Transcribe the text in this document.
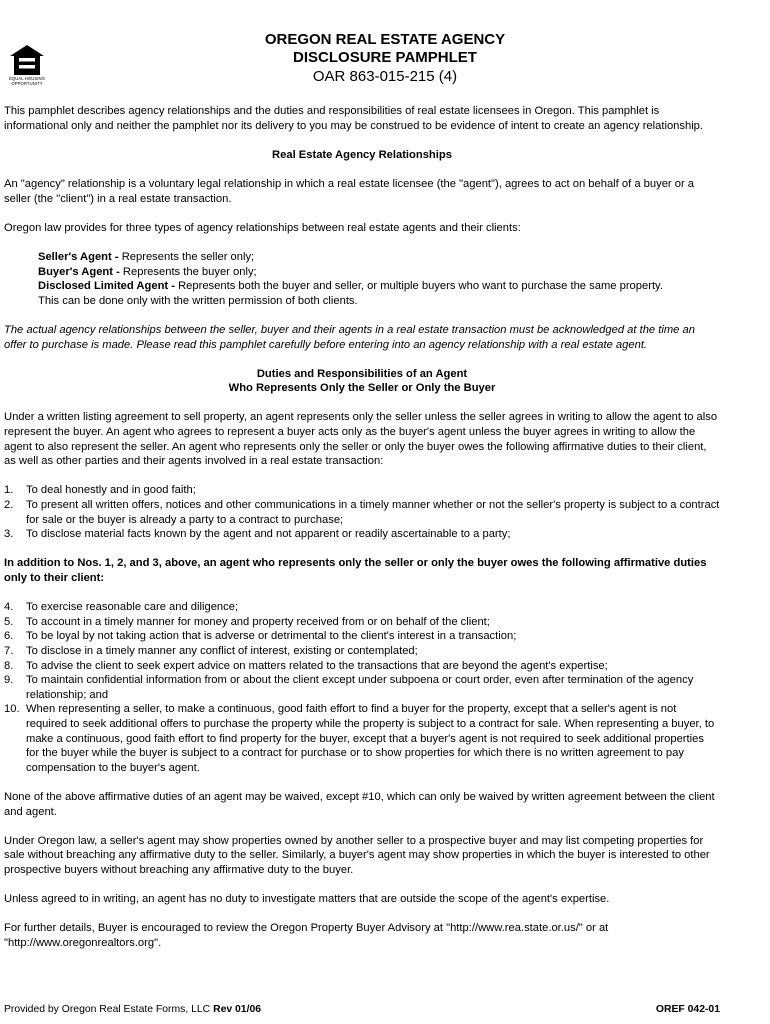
EQUAL HOUSING
OPPORTUNITY
OREGON REAL ESTATE AGENCY
DISCLOSURE PAMPHLET
OAR 863-015-215 (4)

This pamphlet describes agency relationships and the duties and responsibilities of real estate licensees in Oregon. This pamphlet is informational only and neither the pamphlet nor its delivery to you may be construed to be evidence of intent to create an agency relationship.

Real Estate Agency Relationships

An "agency" relationship is a voluntary legal relationship in which a real estate licensee (the "agent"), agrees to act on behalf of a buyer or a seller (the "client") in a real estate transaction.

Oregon law provides for three types of agency relationships between real estate agents and their clients:

Seller's Agent - Represents the seller only;
Buyer's Agent - Represents the buyer only;
Disclosed Limited Agent - Represents both the buyer and seller, or multiple buyers who want to purchase the same property.
This can be done only with the written permission of both clients.

The actual agency relationships between the seller, buyer and their agents in a real estate transaction must be acknowledged at the time an offer to purchase is made. Please read this pamphlet carefully before entering into an agency relationship with a real estate agent.

Duties and Responsibilities of an Agent

Who Represents Only the Seller or Only the Buyer

Under a written listing agreement to sell property, an agent represents only the seller unless the seller agrees in writing to allow the agent to also represent the buyer. An agent who agrees to represent a buyer acts only as the buyer's agent unless the buyer agrees in writing to allow the agent to also represent the seller. An agent who represents only the seller or only the buyer owes the following affirmative duties to their client, as well as other parties and their agents involved in a real estate transaction:

1.	To deal honestly and in good faith;
2.	To present all written offers, notices and other communications in a timely manner whether or not the seller's property is subject to a contract for sale or the buyer is already a party to a contract to purchase;
3.	To disclose material facts known by the agent and not apparent or readily ascertainable to a party;

In addition to Nos. 1, 2, and 3, above, an agent who represents only the seller or only the buyer owes the following affirmative duties only to their client:

4.	To exercise reasonable care and diligence;
5.	To account in a timely manner for money and property received from or on behalf of the client;
6.	To be loyal by not taking action that is adverse or detrimental to the client's interest in a transaction;
7.	To disclose in a timely manner any conflict of interest, existing or contemplated;
8.	To advise the client to seek expert advice on matters related to the transactions that are beyond the agent's expertise;
9.	To maintain confidential information from or about the client except under subpoena or court order, even after termination of the agency relationship; and
10. When representing a seller, to make a continuous, good faith effort to find a buyer for the property, except that a seller's agent is not required to seek additional offers to purchase the property while the property is subject to a contract for sale. When representing a buyer, to make a continuous, good faith effort to find property for the buyer, except that a buyer's agent is not required to seek additional properties for the buyer while the buyer is subject to a contract for purchase or to show properties for which there is no written agreement to pay compensation to the buyer's agent.

None of the above affirmative duties of an agent may be waived, except #10, which can only be waived by written agreement between the client and agent.

Under Oregon law, a seller's agent may show properties owned by another seller to a prospective buyer and may list competing properties for sale without breaching any affirmative duty to the seller. Similarly, a buyer's agent may show properties in which the buyer is interested to other prospective buyers without breaching any affirmative duty to the buyer.

Unless agreed to in writing, an agent has no duty to investigate matters that are outside the scope of the agent's expertise.

For further details, Buyer is encouraged to review the Oregon Property Buyer Advisory at "http://www.rea.state.or.us/" or at "http://www.oregonrealtors.org".

Provided by Oregon Real Estate Forms, LLC Rev 01/06	OREF 042-01
